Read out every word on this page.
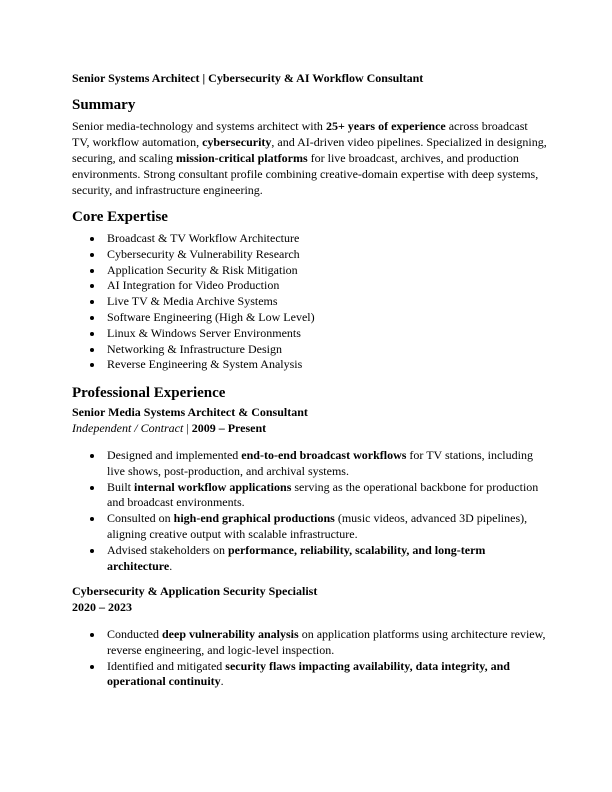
Senior Systems Architect | Cybersecurity & AI Workflow Consultant
Summary
Senior media-technology and systems architect with 25+ years of experience across broadcast TV, workflow automation, cybersecurity, and AI-driven video pipelines. Specialized in designing, securing, and scaling mission-critical platforms for live broadcast, archives, and production environments. Strong consultant profile combining creative-domain expertise with deep systems, security, and infrastructure engineering.
Core Expertise
Broadcast & TV Workflow Architecture
Cybersecurity & Vulnerability Research
Application Security & Risk Mitigation
AI Integration for Video Production
Live TV & Media Archive Systems
Software Engineering (High & Low Level)
Linux & Windows Server Environments
Networking & Infrastructure Design
Reverse Engineering & System Analysis
Professional Experience
Senior Media Systems Architect & Consultant
Independent / Contract | 2009 – Present
Designed and implemented end-to-end broadcast workflows for TV stations, including live shows, post-production, and archival systems.
Built internal workflow applications serving as the operational backbone for production and broadcast environments.
Consulted on high-end graphical productions (music videos, advanced 3D pipelines), aligning creative output with scalable infrastructure.
Advised stakeholders on performance, reliability, scalability, and long-term architecture.
Cybersecurity & Application Security Specialist
2020 – 2023
Conducted deep vulnerability analysis on application platforms using architecture review, reverse engineering, and logic-level inspection.
Identified and mitigated security flaws impacting availability, data integrity, and operational continuity.
